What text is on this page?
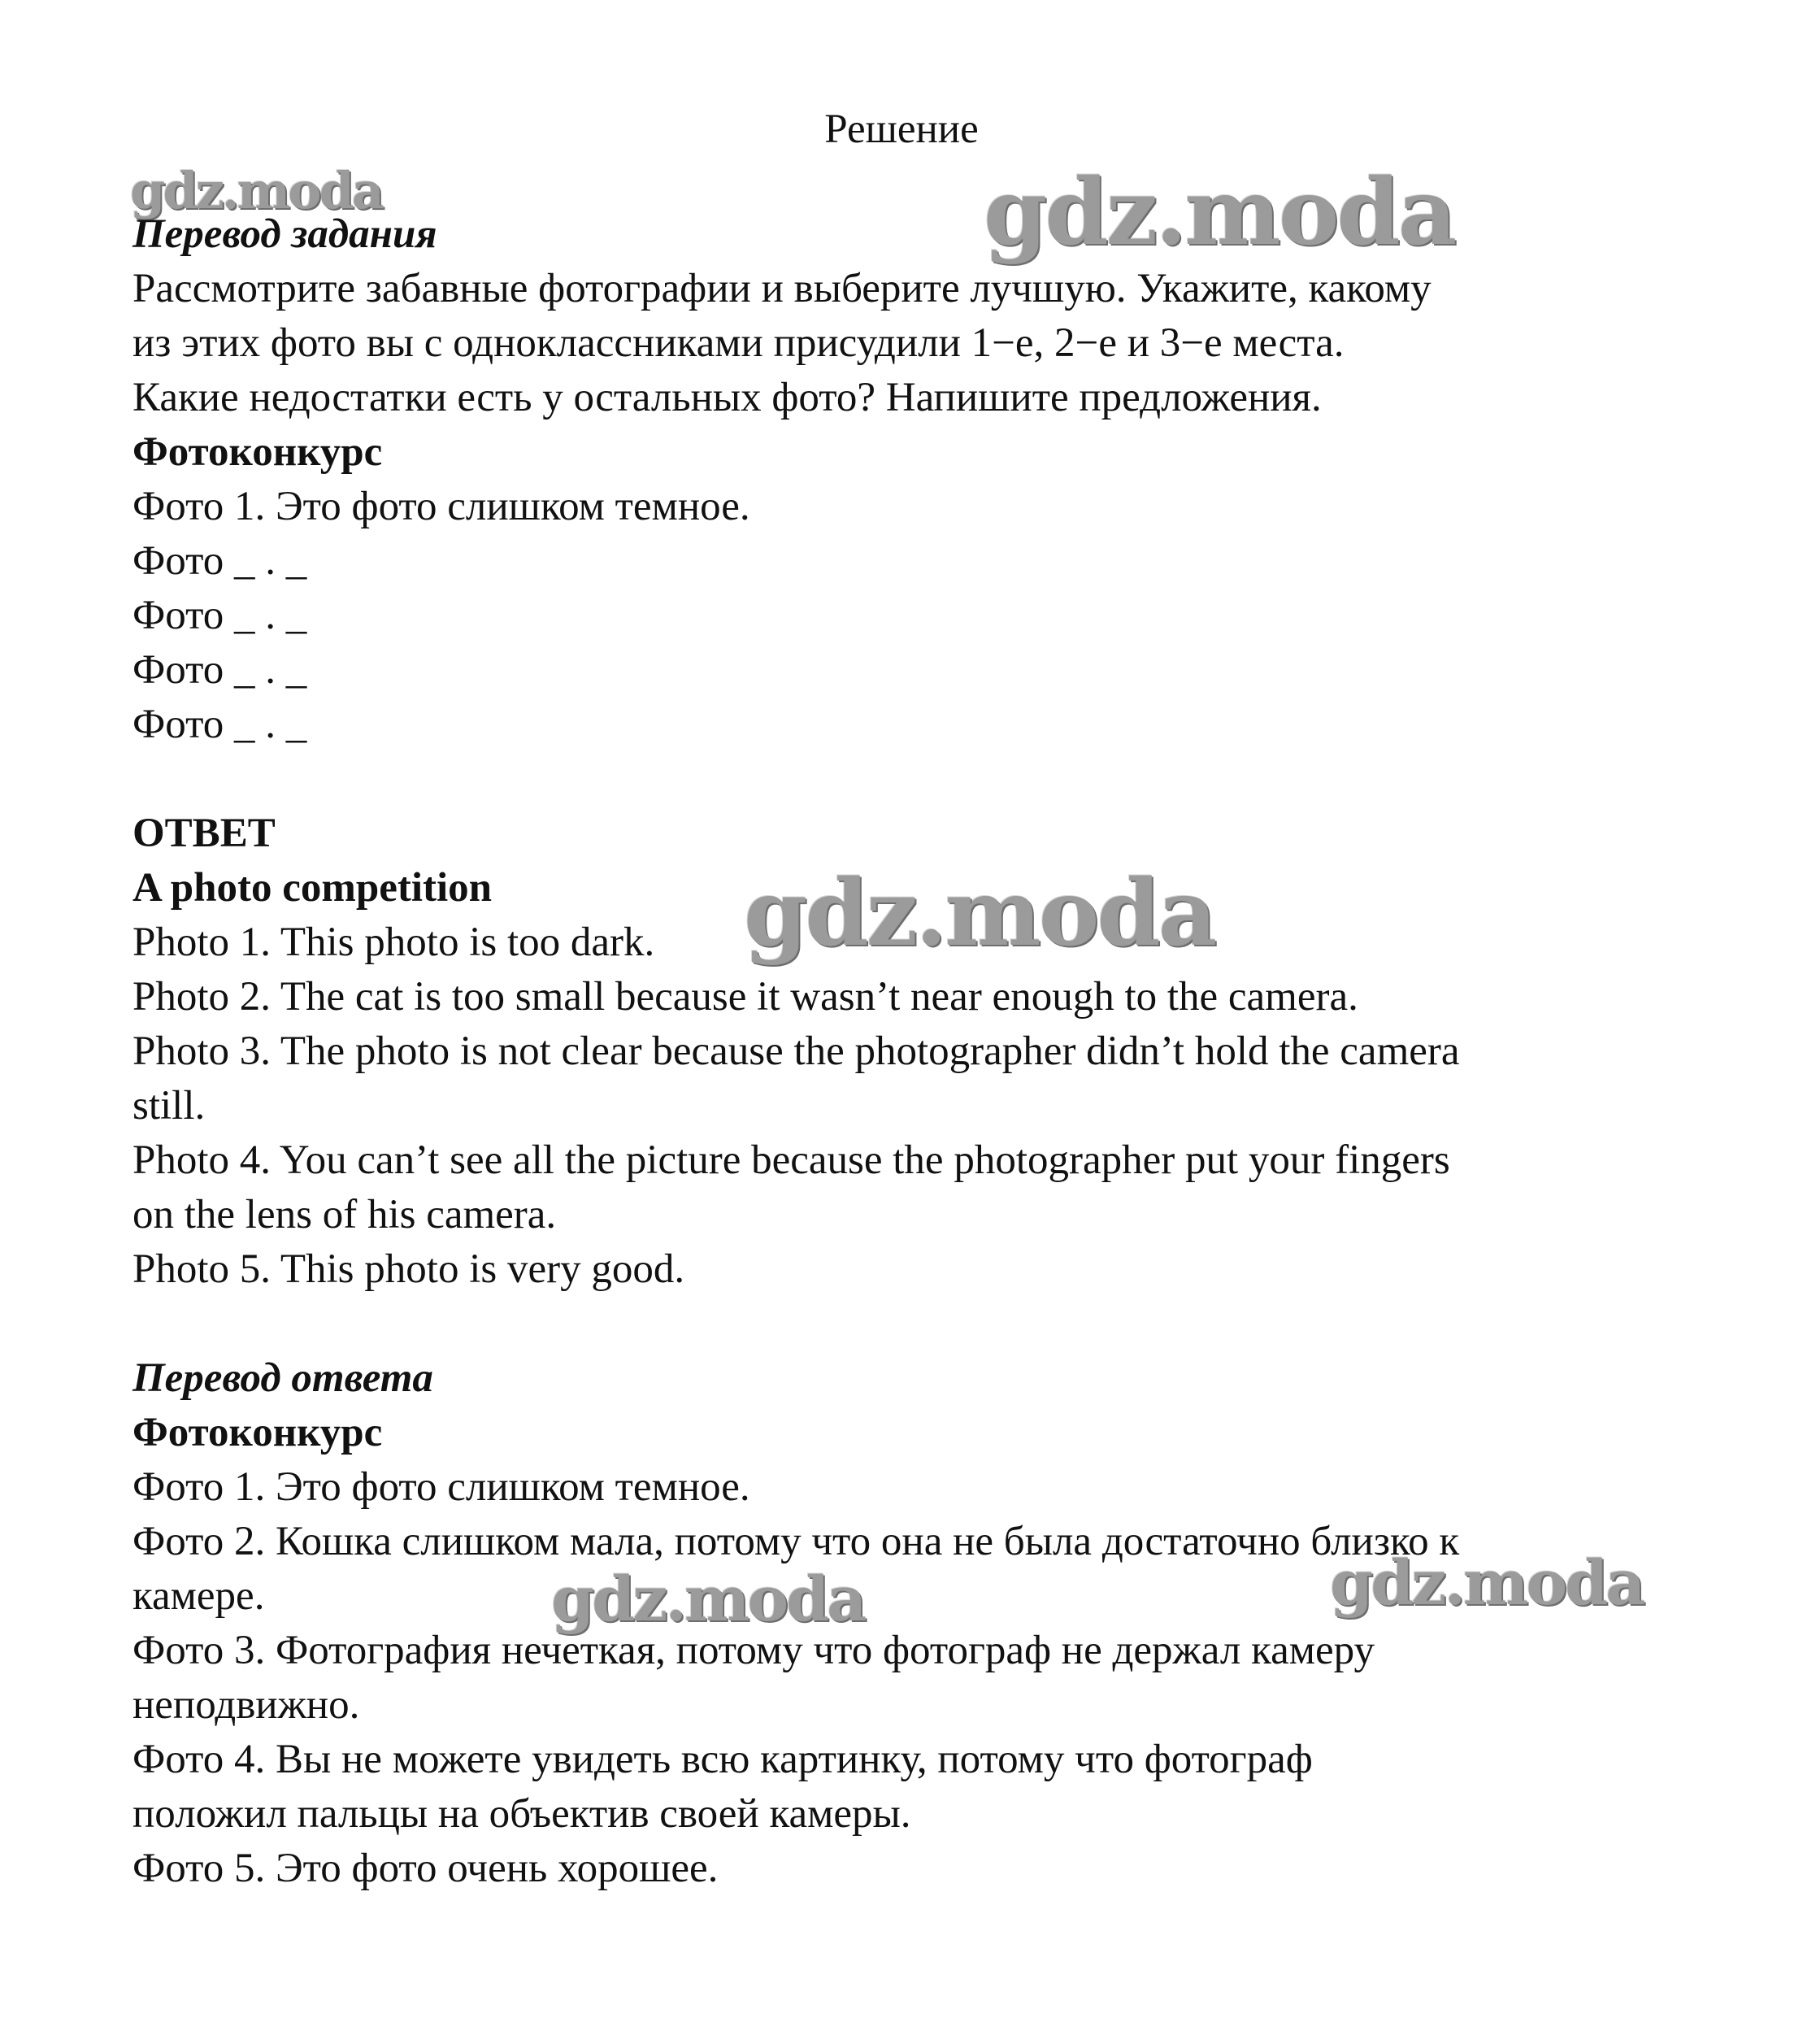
Решение
gdz.moda	gdz.moda
gdz.moda
gdz.moda	gdz.moda
Перевод задания
Рассмотрите забавные фотографии и выберите лучшую. Укажите, какому
из этих фото вы с одноклассниками присудили 1−е, 2−е и 3−е места.
Какие недостатки есть у остальных фото? Напишите предложения.
Фотоконкурс
Фото 1. Это фото слишком темное.
Фото _ . _
Фото _ . _
Фото _ . _
Фото _ . _
ОТВЕТ
A photo competition
Photo 1. This photo is too dark.
Photo 2. The cat is too small because it wasn’t near enough to the camera.
Photo 3. The photo is not clear because the photographer didn’t hold the camera
still.
Photo 4. You can’t see all the picture because the photographer put your fingers
on the lens of his camera.
Photo 5. This photo is very good.
Перевод ответа
Фотоконкурс
Фото 1. Это фото слишком темное.
Фото 2. Кошка слишком мала, потому что она не была достаточно близко к
камере.
Фото 3. Фотография нечеткая, потому что фотограф не держал камеру
неподвижно.
Фото 4. Вы не можете увидеть всю картинку, потому что фотограф
положил пальцы на объектив своей камеры.
Фото 5. Это фото очень хорошее.
